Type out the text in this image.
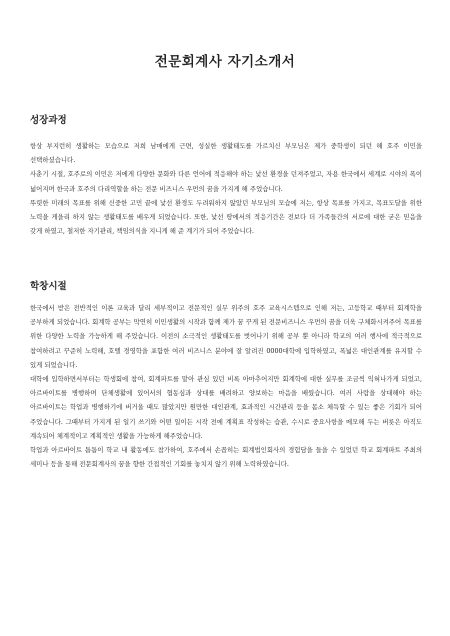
전문회계사 자기소개서
성장과정

항상 부지런히 생활하는 모습으로 저희 남매에게 근면, 성실한 생활태도를 가르치신 부모님은 제가 중학생이 되던 해 호주 이민을 선택하셨습니다.

사춘기 시절, 호주로의 이민은 저에게 다양한 문화와 다른 언어에 적응해야 하는 낯선 환경을 던져주었고, 자용 한국에서 세계로 시야의 폭이 넓어지며 한국과 호주의 다리역할을 하는 전문 비즈니스 우먼의 꿈을 가지게 해 주었습니다.

뚜렷한 미래의 목표를 위해 신중한 고민 끝에 낯선 환경도 두려워하지 않았던 부모님의 모습에 저는, 항상 목표를 가지고, 목표도달을 위한 노력을 게을리 하지 않는 생활태도를 배우게 되었습니다. 또한, 낯선 땅에서의 적응기간은 전보다 더 가족들간의 서로에 대한 굳은 믿음을 갖게 하였고, 철저한 자기관리, 책임의식을 지니게 해 준 계기가 되어 주었습니다.

학창시절

한국에서 받은 전반적인 이론 교육과 달리 세부적이고 전문적인 실무 위주의 호주 교육시스템으로 인해 저는, 고등학교 때부터 회계학을 공부하게 되었습니다. 회계학 공부는 막연히 이민생활의 시작과 함께 제가 꿈 꾸게 된 전문비즈니스 우먼의 꿈을 더욱 구체화시켜주어 목표를 위한 다양한 노력을 가능하게 해 주었습니다. 이전의 소극적인 생활태도를 벗어나기 위해 공부 뿐 아니라 학교의 여러 행사에 적극적으로 참여하려고 꾸준히 노력해, 호텔 경영학을 포함한 여러 비즈니스 분야에 잘 알려진 0000대학에 입학하였고, 폭넓은 대인관계를 유지할 수 있게 되었습니다.

대학에 입학하면서부터는 학생회에 참여, 회계파트를 맡아 관심 있던 비록 아마추어지만 회계학에 대한 실무를 조금씩 익혀나가게 되었고, 아르바이트를 병행하며 단체생활에 있어서의 협동심과 상대를 배려하고 양보하는 마음을 배웠습니다. 여러 사람을 상대해야 하는 아르바이트는 학업과 병행하기에 버거울 때도 많았지만 원만한 대인관계, 효과적인 시간관리 등을 몸소 체득할 수 있는 좋은 기회가 되어 주었습니다. 그때부터 가지게 된 일기 쓰기와 어떤 일이든 시작 전에 계획표 작성하는 습관, 수시로 중요사항을 메모해 두는 버릇은 아직도 계속되어 체계적이고 계획적인 생활을 가능하게 해주었습니다.

학업과 아르바이트 틈틈이 학교 내 활동에도 참가하여, 호주에서 손꼽히는 회계법인회사의 경험담을 들을 수 있었던 학교 회계파트 주최의 세미나 등을 통해 전문회계사의 꿈을 향한 간접적인 기회를 놓치지 않기 위해 노력하였습니다.
